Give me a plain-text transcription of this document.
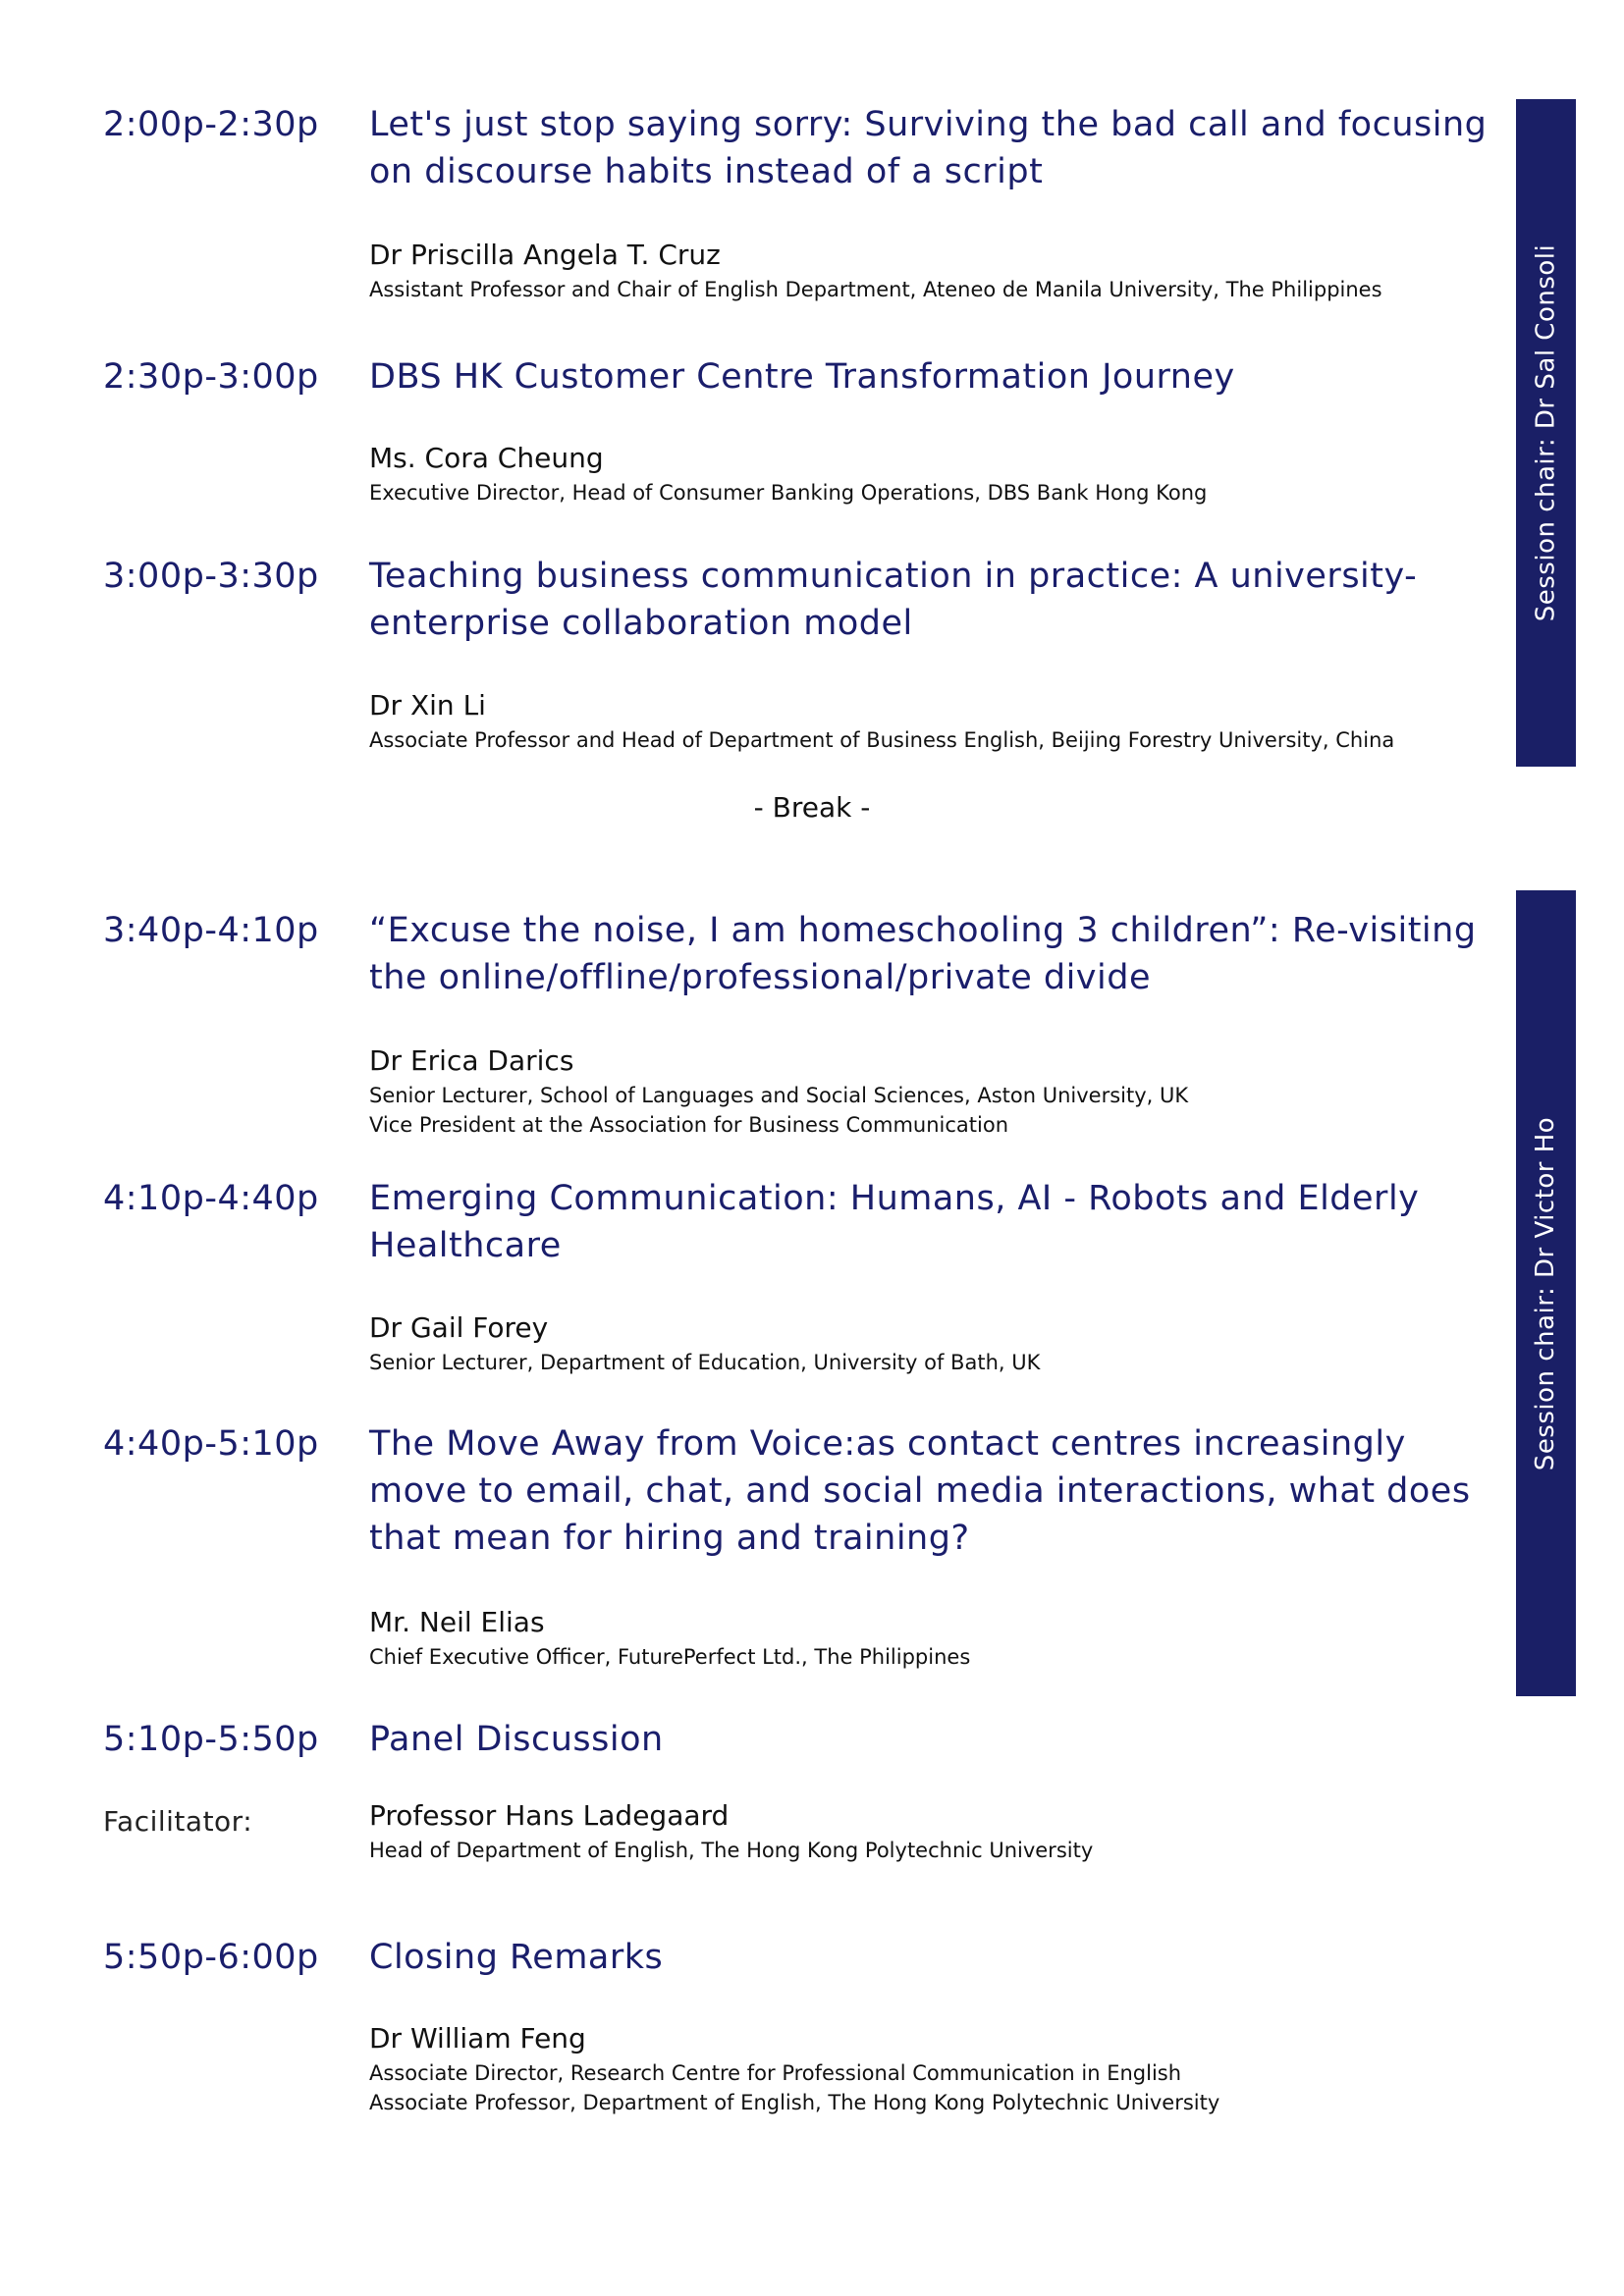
Session chair: Dr Sal Consoli
Session chair: Dr Victor Ho
2:00p-2:30p Let's just stop saying sorry: Surviving the bad call and focusing on discourse habits instead of a script
Dr Priscilla Angela T. Cruz
Assistant Professor and Chair of English Department, Ateneo de Manila University, The Philippines
2:30p-3:00p DBS HK Customer Centre Transformation Journey
Ms. Cora Cheung
Executive Director, Head of Consumer Banking Operations, DBS Bank Hong Kong
3:00p-3:30p Teaching business communication in practice: A university-enterprise collaboration model
Dr Xin Li
Associate Professor and Head of Department of Business English, Beijing Forestry University, China
- Break -
3:40p-4:10p “Excuse the noise, I am homeschooling 3 children”: Re-visiting the online/offline/professional/private divide
Dr Erica Darics
Senior Lecturer, School of Languages and Social Sciences, Aston University, UK
Vice President at the Association for Business Communication
4:10p-4:40p Emerging Communication: Humans, AI - Robots and Elderly Healthcare
Dr Gail Forey
Senior Lecturer, Department of Education, University of Bath, UK
4:40p-5:10p The Move Away from Voice:as contact centres increasingly move to email, chat, and social media interactions, what does that mean for hiring and training?
Mr. Neil Elias
Chief Executive Officer, FuturePerfect Ltd., The Philippines
5:10p-5:50p Panel Discussion
Facilitator:	Professor Hans Ladegaard
Head of Department of English, The Hong Kong Polytechnic University
5:50p-6:00p Closing Remarks
Dr William Feng
Associate Director, Research Centre for Professional Communication in English
Associate Professor, Department of English, The Hong Kong Polytechnic University
